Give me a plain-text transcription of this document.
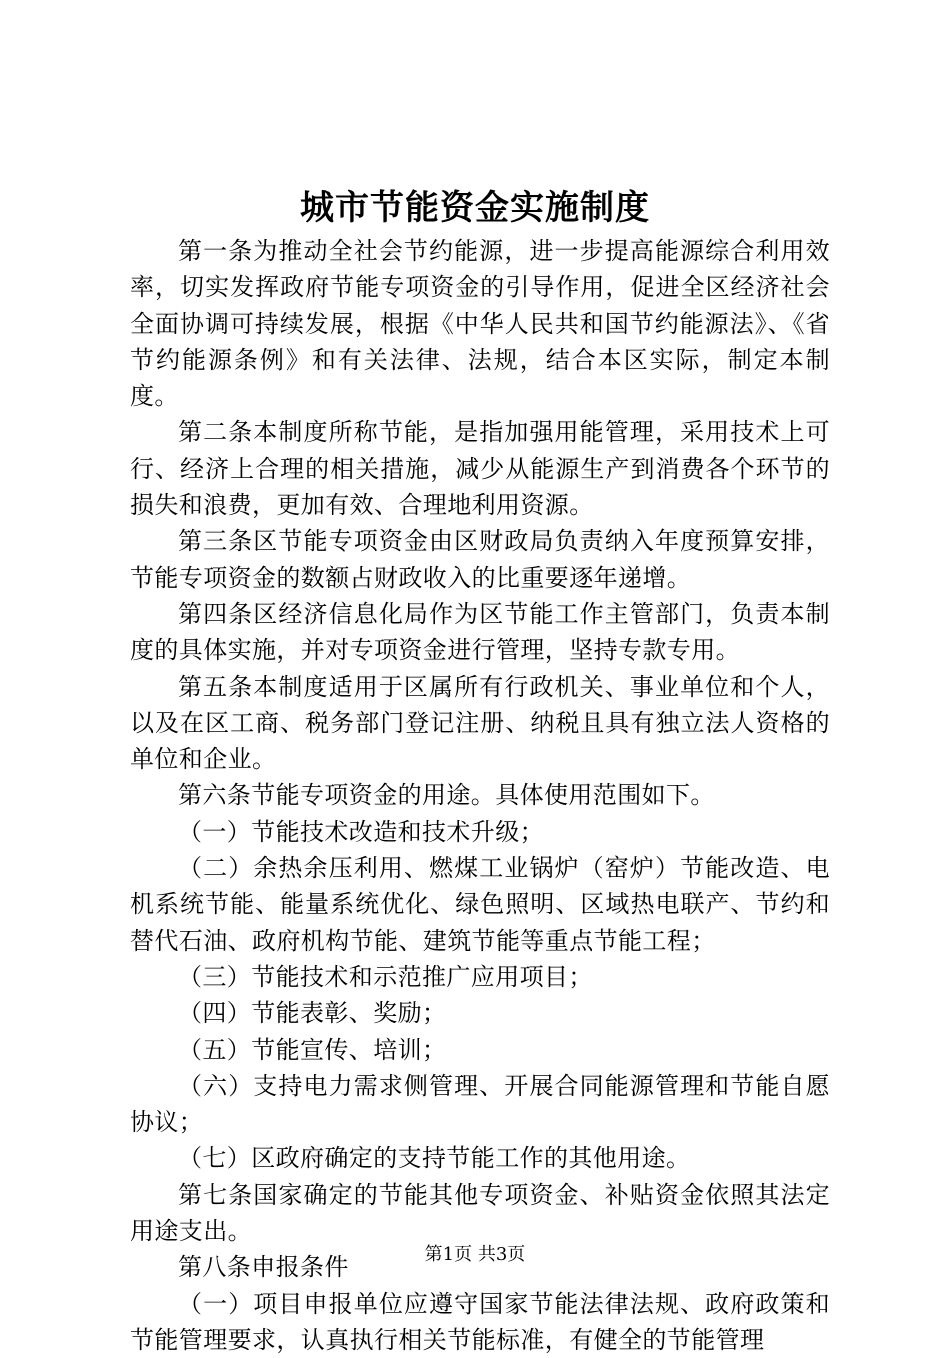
城市节能资金实施制度

第一条为推动全社会节约能源，进一步提高能源综合利用效率，切实发挥政府节能专项资金的引导作用，促进全区经济社会全面协调可持续发展，根据《中华人民共和国节约能源法》、《省节约能源条例》和有关法律、法规，结合本区实际，制定本制度。

第二条本制度所称节能，是指加强用能管理，采用技术上可行、经济上合理的相关措施，减少从能源生产到消费各个环节的损失和浪费，更加有效、合理地利用资源。

第三条区节能专项资金由区财政局负责纳入年度预算安排，节能专项资金的数额占财政收入的比重要逐年递增。

第四条区经济信息化局作为区节能工作主管部门，负责本制度的具体实施，并对专项资金进行管理，坚持专款专用。

第五条本制度适用于区属所有行政机关、事业单位和个人，以及在区工商、税务部门登记注册、纳税且具有独立法人资格的单位和企业。

第六条节能专项资金的用途。具体使用范围如下。

（一）节能技术改造和技术升级；

（二）余热余压利用、燃煤工业锅炉（窑炉）节能改造、电机系统节能、能量系统优化、绿色照明、区域热电联产、节约和替代石油、政府机构节能、建筑节能等重点节能工程；

（三）节能技术和示范推广应用项目；

（四）节能表彰、奖励；

（五）节能宣传、培训；

（六）支持电力需求侧管理、开展合同能源管理和节能自愿协议；

（七）区政府确定的支持节能工作的其他用途。

第七条国家确定的节能其他专项资金、补贴资金依照其法定用途支出。

第八条申报条件

（一）项目申报单位应遵守国家节能法律法规、政府政策和节能管理要求，认真执行相关节能标准，有健全的节能管理

第1页 共3页
